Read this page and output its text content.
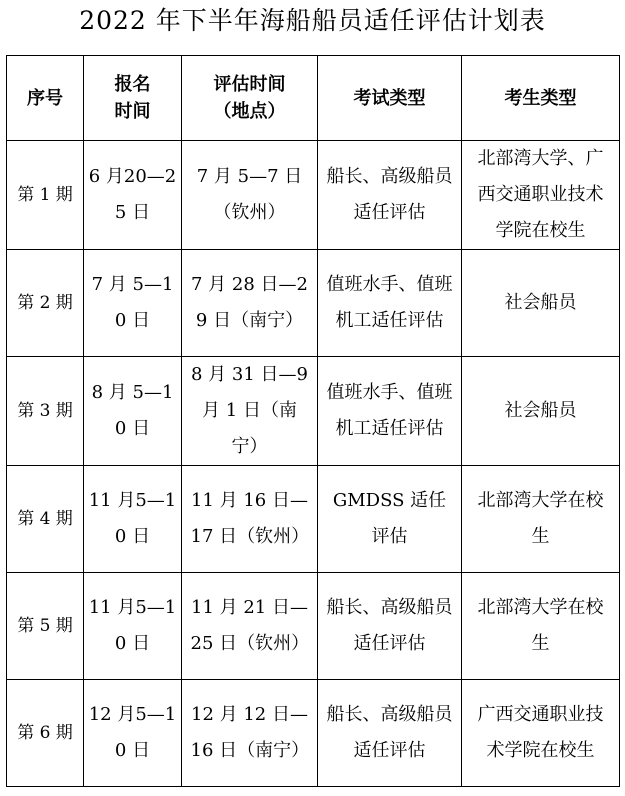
2022 年下半年海船船员适任评估计划表
序号	报名时间	评估时间（地点）	考试类型	考生类型

第 1 期	6 月20—25 日	7 月 5—7 日（钦州）	船长、高级船员适任评估	北部湾大学、广西交通职业技术学院在校生

第 2 期	7 月 5—10 日	7 月 28 日—29 日（南宁）	值班水手、值班机工适任评估	社会船员

第 3 期	8 月 5—10 日	8 月 31 日—9 月 1 日（南宁）	值班水手、值班机工适任评估	社会船员

第 4 期	11 月5—10 日	11 月 16 日—17 日（钦州）	GMDSS 适任评估	北部湾大学在校生

第 5 期	11 月5—10 日	11 月 21 日—25 日（钦州）	船长、高级船员适任评估	北部湾大学在校生

第 6 期	12 月5—10 日	12 月 12 日—16 日（南宁）	船长、高级船员适任评估	广西交通职业技术学院在校生
